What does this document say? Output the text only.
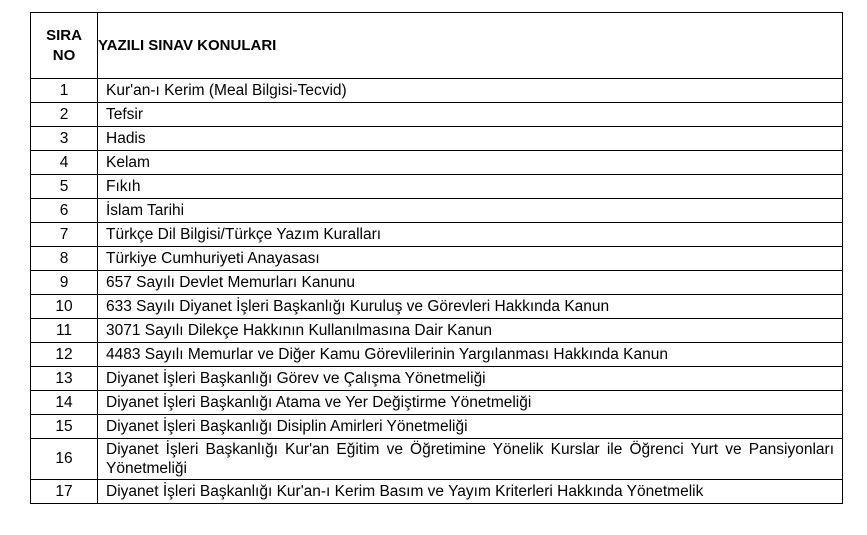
SIRA
NO	YAZILI SINAV KONULARI
1	Kur'an-ı Kerim (Meal Bilgisi-Tecvid)
2	Tefsir
3	Hadis
4	Kelam
5	Fıkıh
6	İslam Tarihi
7	Türkçe Dil Bilgisi/Türkçe Yazım Kuralları
8	Türkiye Cumhuriyeti Anayasası
9	657 Sayılı Devlet Memurları Kanunu
10	633 Sayılı Diyanet İşleri Başkanlığı Kuruluş ve Görevleri Hakkında Kanun
11	3071 Sayılı Dilekçe Hakkının Kullanılmasına Dair Kanun
12	4483 Sayılı Memurlar ve Diğer Kamu Görevlilerinin Yargılanması Hakkında Kanun
13	Diyanet İşleri Başkanlığı Görev ve Çalışma Yönetmeliği
14	Diyanet İşleri Başkanlığı Atama ve Yer Değiştirme Yönetmeliği
15	Diyanet İşleri Başkanlığı Disiplin Amirleri Yönetmeliği
16	Diyanet İşleri Başkanlığı Kur'an Eğitim ve Öğretimine Yönelik Kurslar ile Öğrenci Yurt ve Pansiyonları Yönetmeliği
17	Diyanet İşleri Başkanlığı Kur'an-ı Kerim Basım ve Yayım Kriterleri Hakkında Yönetmelik
